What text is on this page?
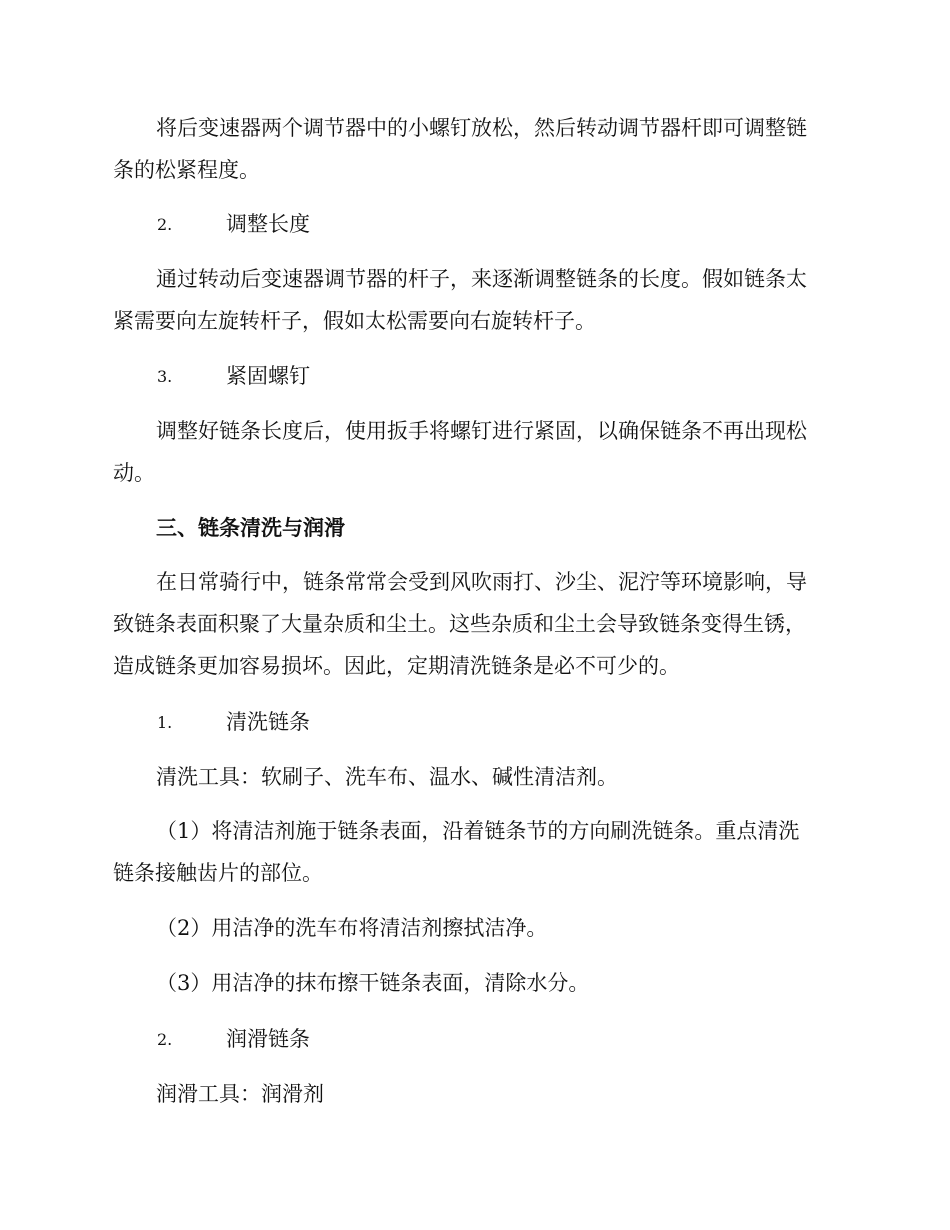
将后变速器两个调节器中的小螺钉放松，然后转动调节器杆即可调整链
条的松紧程度。
2.	调整长度
通过转动后变速器调节器的杆子，来逐渐调整链条的长度。假如链条太
紧需要向左旋转杆子，假如太松需要向右旋转杆子。
3.	紧固螺钉
调整好链条长度后，使用扳手将螺钉进行紧固，以确保链条不再出现松
动。
三、链条清洗与润滑
在日常骑行中，链条常常会受到风吹雨打、沙尘、泥泞等环境影响，导
致链条表面积聚了大量杂质和尘土。这些杂质和尘土会导致链条变得生锈，
造成链条更加容易损坏。因此，定期清洗链条是必不可少的。
1.	清洗链条
清洗工具：软刷子、洗车布、温水、碱性清洁剂。
（1）将清洁剂施于链条表面，沿着链条节的方向刷洗链条。重点清洗
链条接触齿片的部位。
（2）用洁净的洗车布将清洁剂擦拭洁净。
（3）用洁净的抹布擦干链条表面，清除水分。
2.	润滑链条
润滑工具：润滑剂
